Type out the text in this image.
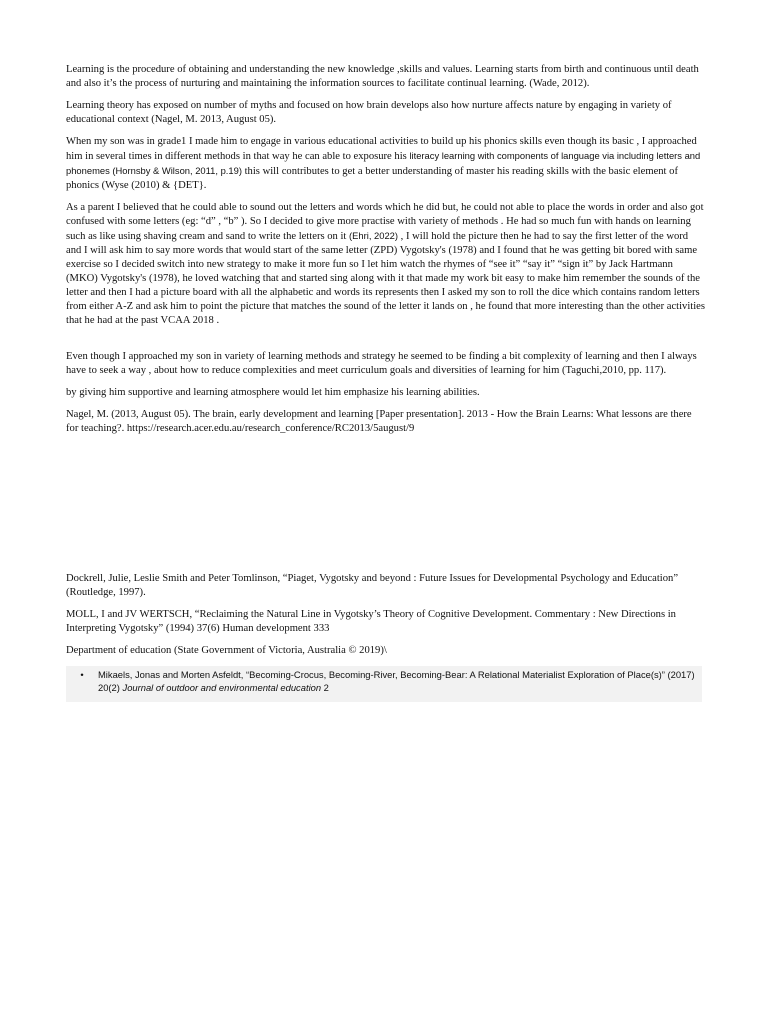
Learning is the procedure of obtaining and understanding the new knowledge ,skills and values. Learning starts from birth and continuous until death and also it’s the process of nurturing and maintaining the information sources to facilitate continual learning. (Wade, 2012).

Learning theory has exposed on number of myths and focused on how brain develops also how nurture affects nature by engaging in variety of educational context (Nagel, M. 2013, August 05).

When my son was in grade1 I made him to engage in various educational activities to build up his phonics skills even though its basic , I approached him in several times in different methods in that way he can able to exposure his literacy learning with components of language via including letters and phonemes (Hornsby & Wilson, 2011, p.19) this will contributes to get a better understanding of master his reading skills with the basic element of phonics (Wyse (2010) & {DET}.

As a parent I believed that he could able to sound out the letters and words which he did but, he could not able to place the words in order and also got confused with some letters (eg: “d” , “b” ). So I decided to give more practise with variety of methods . He had so much fun with hands on learning such as like using shaving cream and sand to write the letters on it (Ehri, 2022) , I will hold the picture then he had to say the first letter of the word and I will ask him to say more words that would start of the same letter (ZPD) Vygotsky's (1978) and I found that he was getting bit bored with same exercise so I decided switch into new strategy to make it more fun so I let him watch the rhymes of “see it” “say it” “sign it” by Jack Hartmann (MKO) Vygotsky's (1978), he loved watching that and started sing along with it that made my work bit easy to make him remember the sounds of the letter and then I had a picture board with all the alphabetic and words its represents then I asked my son to roll the dice which contains random letters from either A-Z and ask him to point the picture that matches the sound of the letter it lands on , he found that more interesting than the other activities that he had at the past VCAA 2018 .

Even though I approached my son in variety of learning methods and strategy he seemed to be finding a bit complexity of learning and then I always have to seek a way , about how to reduce complexities and meet curriculum goals and diversities of learning for him (Taguchi,2010, pp. 117).

by giving him supportive and learning atmosphere would let him emphasize his learning abilities.

Nagel, M. (2013, August 05). The brain, early development and learning [Paper presentation]. 2013 - How the Brain Learns: What lessons are there for teaching?. https://research.acer.edu.au/research_conference/RC2013/5august/9

Dockrell, Julie, Leslie Smith and Peter Tomlinson, “Piaget, Vygotsky and beyond : Future Issues for Developmental Psychology and Education” (Routledge, 1997).

MOLL, I and JV WERTSCH, “Reclaiming the Natural Line in Vygotsky’s Theory of Cognitive Development. Commentary : New Directions in Interpreting Vygotsky” (1994) 37(6) Human development 333

Department of education (State Government of Victoria, Australia © 2019)\

•	Mikaels, Jonas and Morten Asfeldt, “Becoming-Crocus, Becoming-River, Becoming-Bear: A Relational Materialist Exploration of Place(s)” (2017) 20(2) Journal of outdoor and environmental education 2
